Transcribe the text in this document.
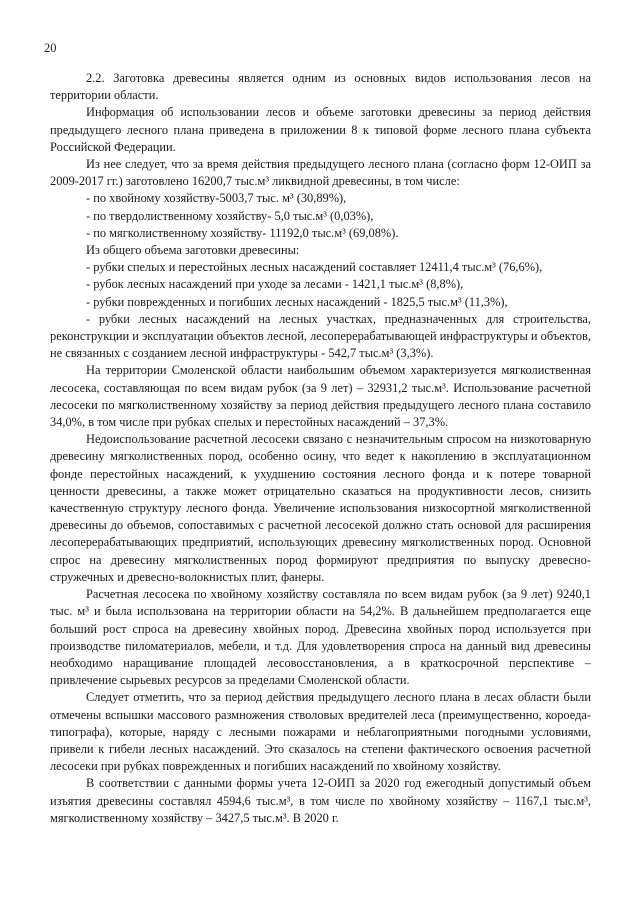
20

2.2. Заготовка древесины является одним из основных видов использования лесов на территории области.

Информация об использовании лесов и объеме заготовки древесины за период действия предыдущего лесного плана приведена в приложении 8 к типовой форме лесного плана субъекта Российской Федерации.

Из нее следует, что за время действия предыдущего лесного плана (согласно форм 12-ОИП за 2009-2017 гг.) заготовлено 16200,7 тыс.м³ ликвидной древесины, в том числе:

- по хвойному хозяйству-5003,7 тыс. м³ (30,89%),

- по твердолиственному хозяйству- 5,0 тыс.м³ (0,03%),

- по мягколиственному хозяйству- 11192,0 тыс.м³ (69,08%).

Из общего объема заготовки древесины:

- рубки спелых и перестойных лесных насаждений составляет 12411,4 тыс.м³ (76,6%),

- рубок лесных насаждений при уходе за лесами - 1421,1 тыс.м³ (8,8%),

- рубки поврежденных и погибших лесных насаждений - 1825,5 тыс.м³ (11,3%),

- рубки лесных насаждений на лесных участках, предназначенных для строительства, реконструкции и эксплуатации объектов лесной, лесоперерабатывающей инфраструктуры и объектов, не связанных с созданием лесной инфраструктуры - 542,7 тыс.м³ (3,3%).

На территории Смоленской области наибольшим объемом характеризуется мягколиственная лесосека, составляющая по всем видам рубок (за 9 лет) – 32931,2 тыс.м³. Использование расчетной лесосеки по мягколиственному хозяйству за период действия предыдущего лесного плана составило 34,0%, в том числе при рубках спелых и перестойных насаждений – 37,3%.

Недоиспользование расчетной лесосеки связано с незначительным спросом на низкотоварную древесину мягколиственных пород, особенно осину, что ведет к накоплению в эксплуатационном фонде перестойных насаждений, к ухудшению состояния лесного фонда и к потере товарной ценности древесины, а также может отрицательно сказаться на продуктивности лесов, снизить качественную структуру лесного фонда. Увеличение использования низкосортной мягколиственной древесины до объемов, сопоставимых с расчетной лесосекой должно стать основой для расширения лесоперерабатывающих предприятий, использующих древесину мягколиственных пород. Основной спрос на древесину мягколиственных пород формируют предприятия по выпуску древесно-стружечных и древесно-волокнистых плит, фанеры.

Расчетная лесосека по хвойному хозяйству составляла по всем видам рубок (за 9 лет) 9240,1 тыс. м³ и была использована на территории области на 54,2%. В дальнейшем предполагается еще больший рост спроса на древесину хвойных пород. Древесина хвойных пород используется при производстве пиломатериалов, мебели, и т.д. Для удовлетворения спроса на данный вид древесины необходимо наращивание площадей лесовосстановления, а в краткосрочной перспективе – привлечение сырьевых ресурсов за пределами Смоленской области.

Следует отметить, что за период действия предыдущего лесного плана в лесах области были отмечены вспышки массового размножения стволовых вредителей леса (преимущественно, короеда-типографа), которые, наряду с лесными пожарами и неблагоприятными погодными условиями, привели к гибели лесных насаждений. Это сказалось на степени фактического освоения расчетной лесосеки при рубках поврежденных и погибших насаждений по хвойному хозяйству.

В соответствии с данными формы учета 12-ОИП за 2020 год ежегодный допустимый объем изъятия древесины составлял 4594,6 тыс.м³, в том числе по хвойному хозяйству – 1167,1 тыс.м³, мягколиственному хозяйству – 3427,5 тыс.м³. В 2020 г.
